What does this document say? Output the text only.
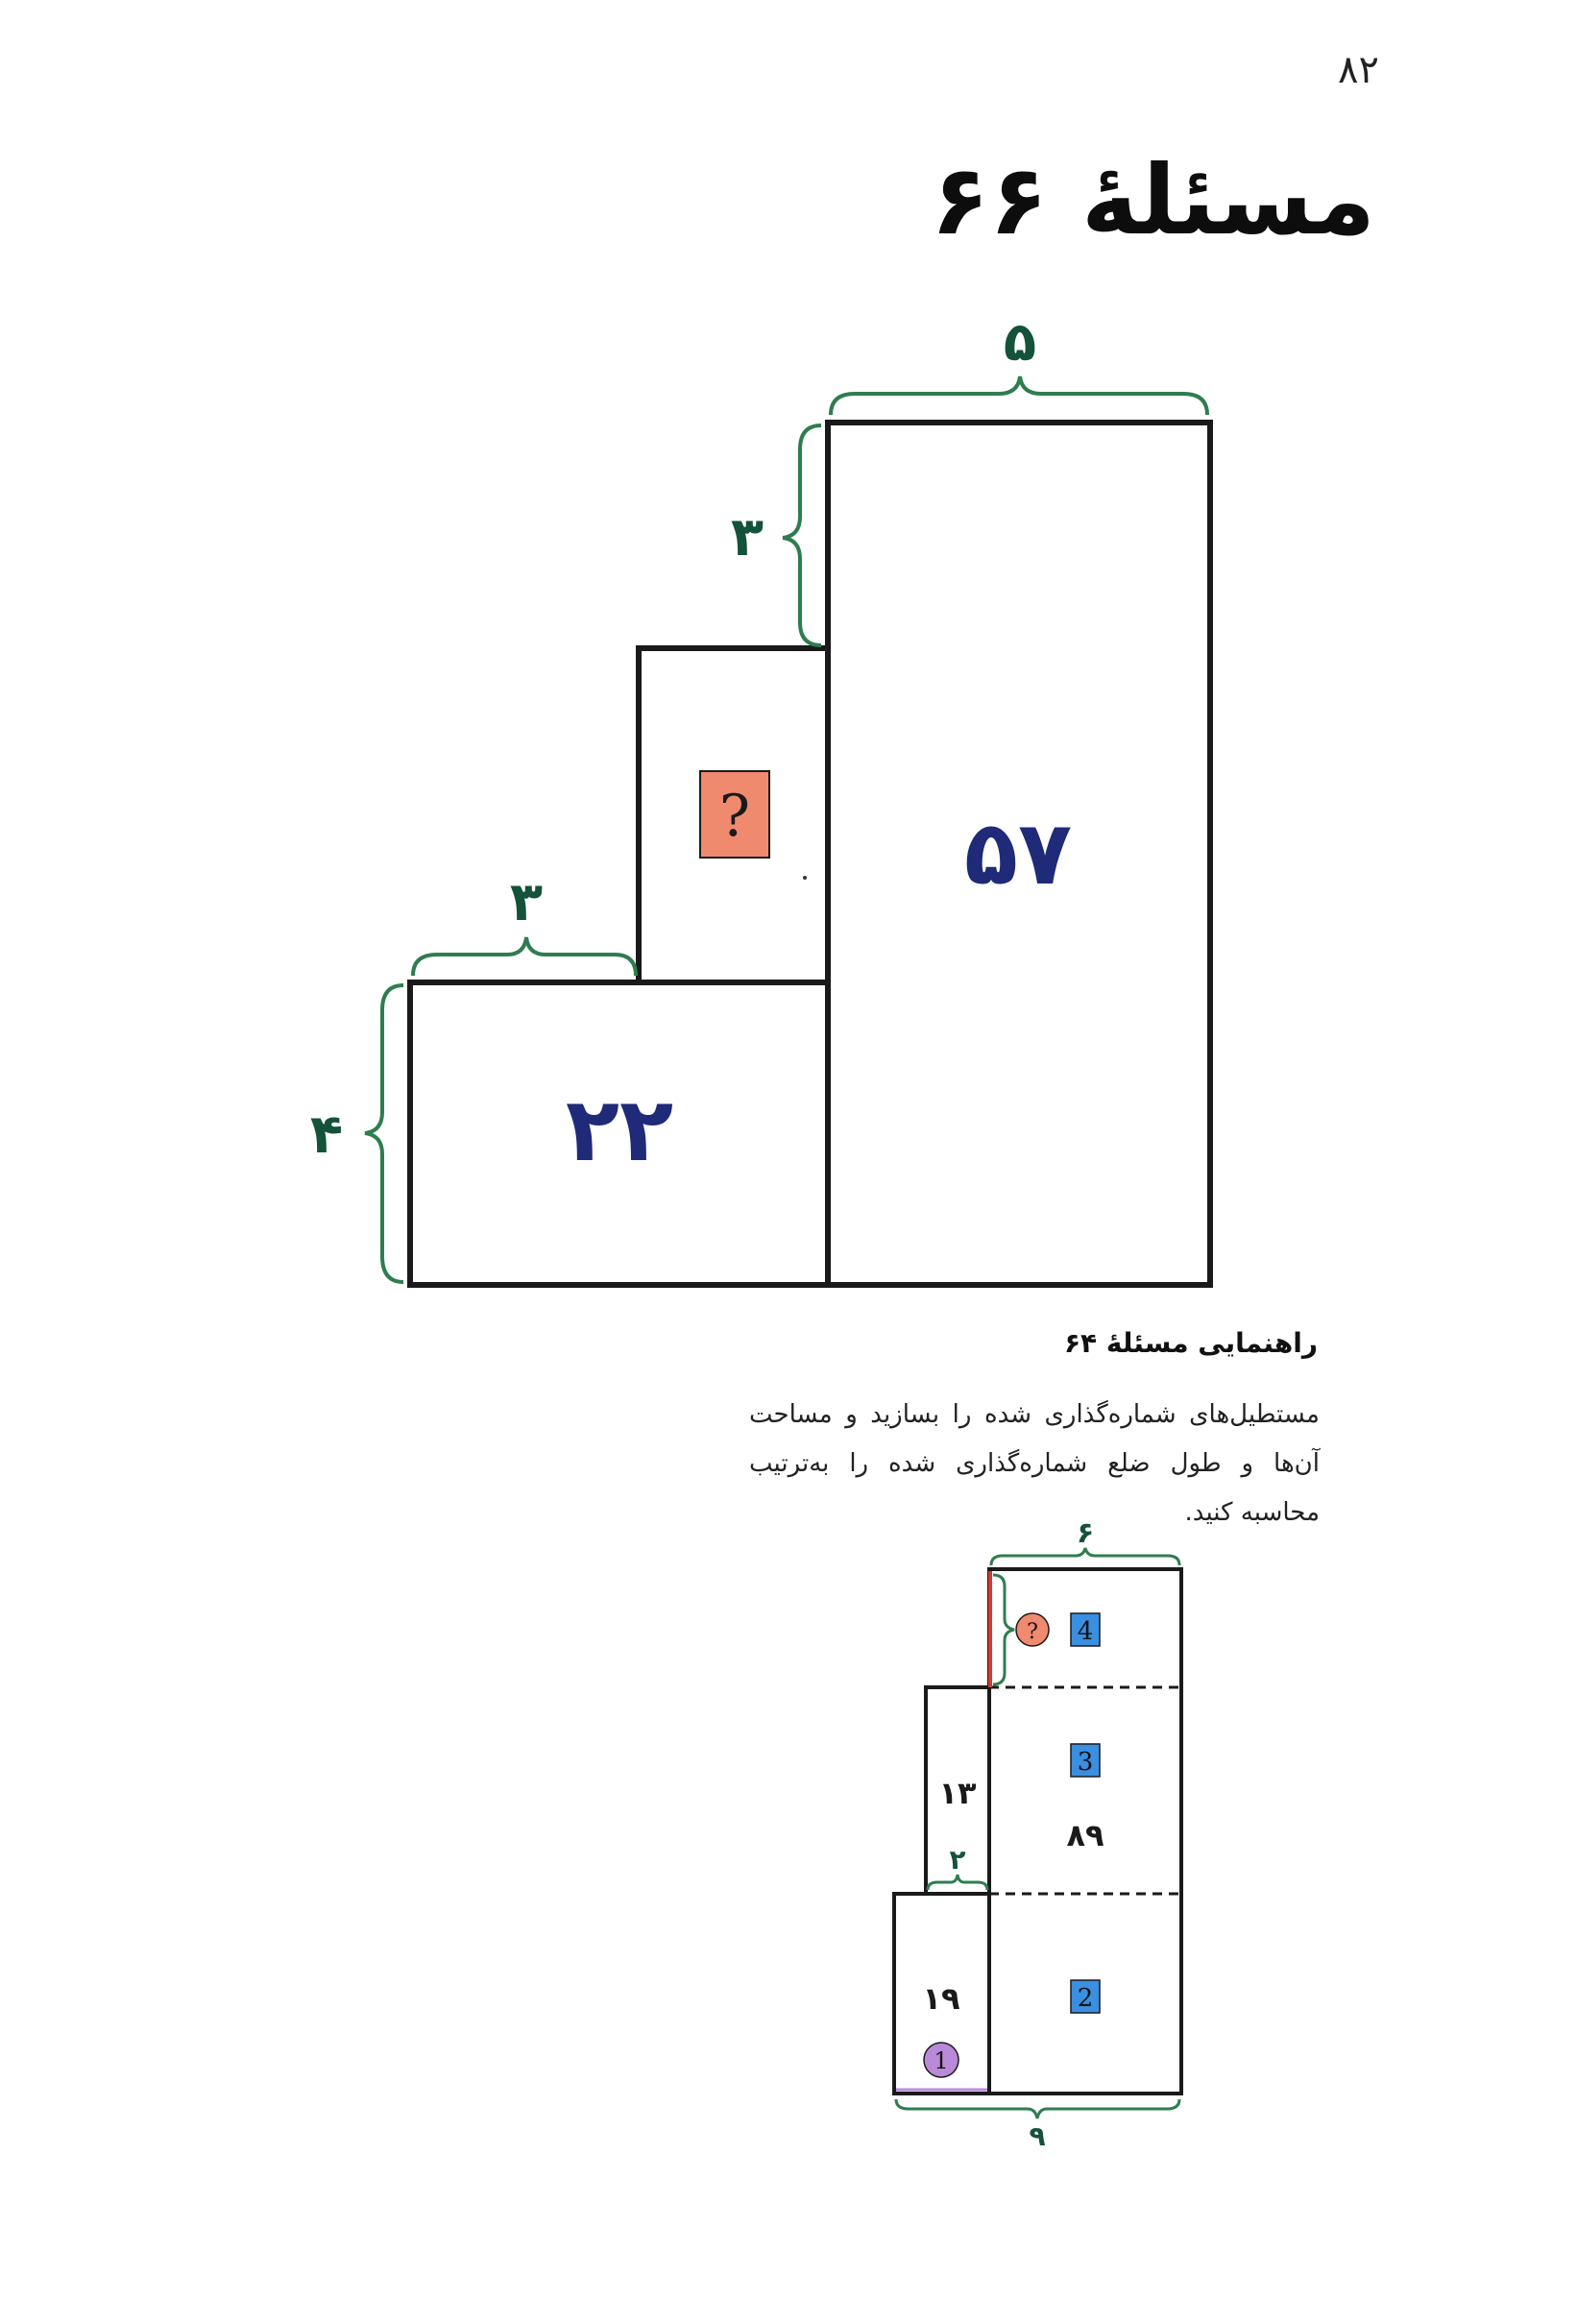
۸۲
مسئلهٔ ۶۶
? ۵۷
۲۲
۵
۳
۳
۴
۶
۲
۹
۱۳
۸۹
۱۹
4
3
2
1
?
راهنمایی مسئلهٔ ۶۴
مستطیل‌های شماره‌گذاری شده را بسازید و مساحت آن‌ها و طول ضلع شماره‌گذاری شده را به‌ترتیب محاسبه کنید.
